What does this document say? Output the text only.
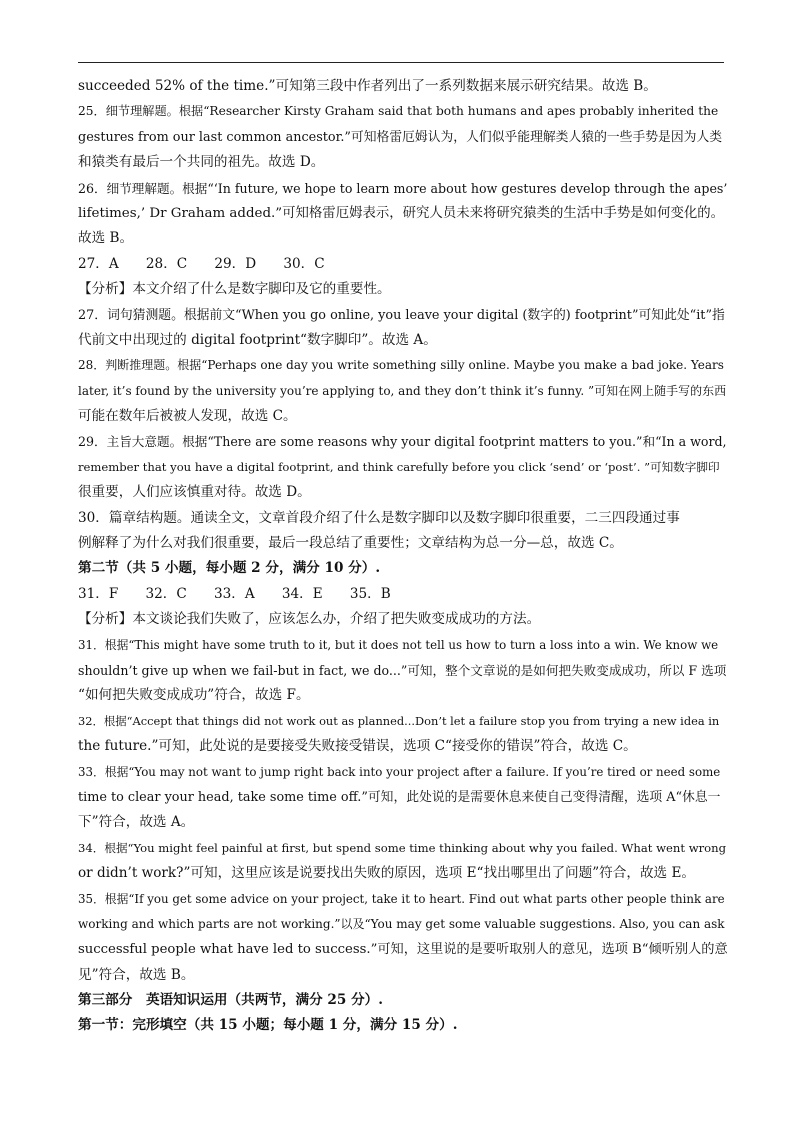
succeeded 52% of the time.”可知第三段中作者列出了一系列数据来展示研究结果。故选 B。
25．细节理解题。根据“Researcher Kirsty Graham said that both humans and apes probably inherited the
gestures from our last common ancestor.”可知格雷厄姆认为，人们似乎能理解类人猿的一些手势是因为人类
和猿类有最后一个共同的祖先。故选 D。
26．细节理解题。根据“‘In future, we hope to learn more about how gestures develop through the apes’
lifetimes,’ Dr Graham added.”可知格雷厄姆表示，研究人员未来将研究猿类的生活中手势是如何变化的。
故选 B。
27．A　　28．C　　29．D　　30．C
【分析】本文介绍了什么是数字脚印及它的重要性。
27．词句猜测题。根据前文“When you go online, you leave your digital (数字的) footprint”可知此处“it”指
代前文中出现过的 digital footprint“数字脚印”。故选 A。
28．判断推理题。根据“Perhaps one day you write something silly online. Maybe you make a bad joke. Years
later, it’s found by the university you’re applying to, and they don’t think it’s funny. ”可知在网上随手写的东西
可能在数年后被被人发现，故选 C。
29．主旨大意题。根据“There are some reasons why your digital footprint matters to you.”和“In a word,
remember that you have a digital footprint, and think carefully before you click ‘send’ or ‘post’. ”可知数字脚印
很重要，人们应该慎重对待。故选 D。
30．篇章结构题。通读全文，文章首段介绍了什么是数字脚印以及数字脚印很重要，二三四段通过事
例解释了为什么对我们很重要，最后一段总结了重要性；文章结构为总一分—总，故选 C。
第二节（共 5 小题，每小题 2 分，满分 10 分）.
31．F　　32．C　　33．A　　34．E　　35．B
【分析】本文谈论我们失败了，应该怎么办，介绍了把失败变成成功的方法。
31．根据“This might have some truth to it, but it does not tell us how to turn a loss into a win. We know we
shouldn’t give up when we fail-but in fact, we do...”可知，整个文章说的是如何把失败变成成功，所以 F 选项
“如何把失败变成成功”符合，故选 F。
32．根据“Accept that things did not work out as planned...Don’t let a failure stop you from trying a new idea in
the future.”可知，此处说的是要接受失败接受错误，选项 C“接受你的错误”符合，故选 C。
33．根据“You may not want to jump right back into your project after a failure. If you’re tired or need some
time to clear your head, take some time off.”可知，此处说的是需要休息来使自己变得清醒，选项 A“休息一
下”符合，故选 A。
34．根据“You might feel painful at first, but spend some time thinking about why you failed. What went wrong
or didn’t work?”可知，这里应该是说要找出失败的原因，选项 E“找出哪里出了问题”符合，故选 E。
35．根据“If you get some advice on your project, take it to heart. Find out what parts other people think are
working and which parts are not working.”以及“You may get some valuable suggestions. Also, you can ask
successful people what have led to success.”可知，这里说的是要听取别人的意见，选项 B“倾听别人的意
见”符合，故选 B。
第三部分　英语知识运用（共两节，满分 25 分）.
第一节：完形填空（共 15 小题；每小题 1 分，满分 15 分）.
